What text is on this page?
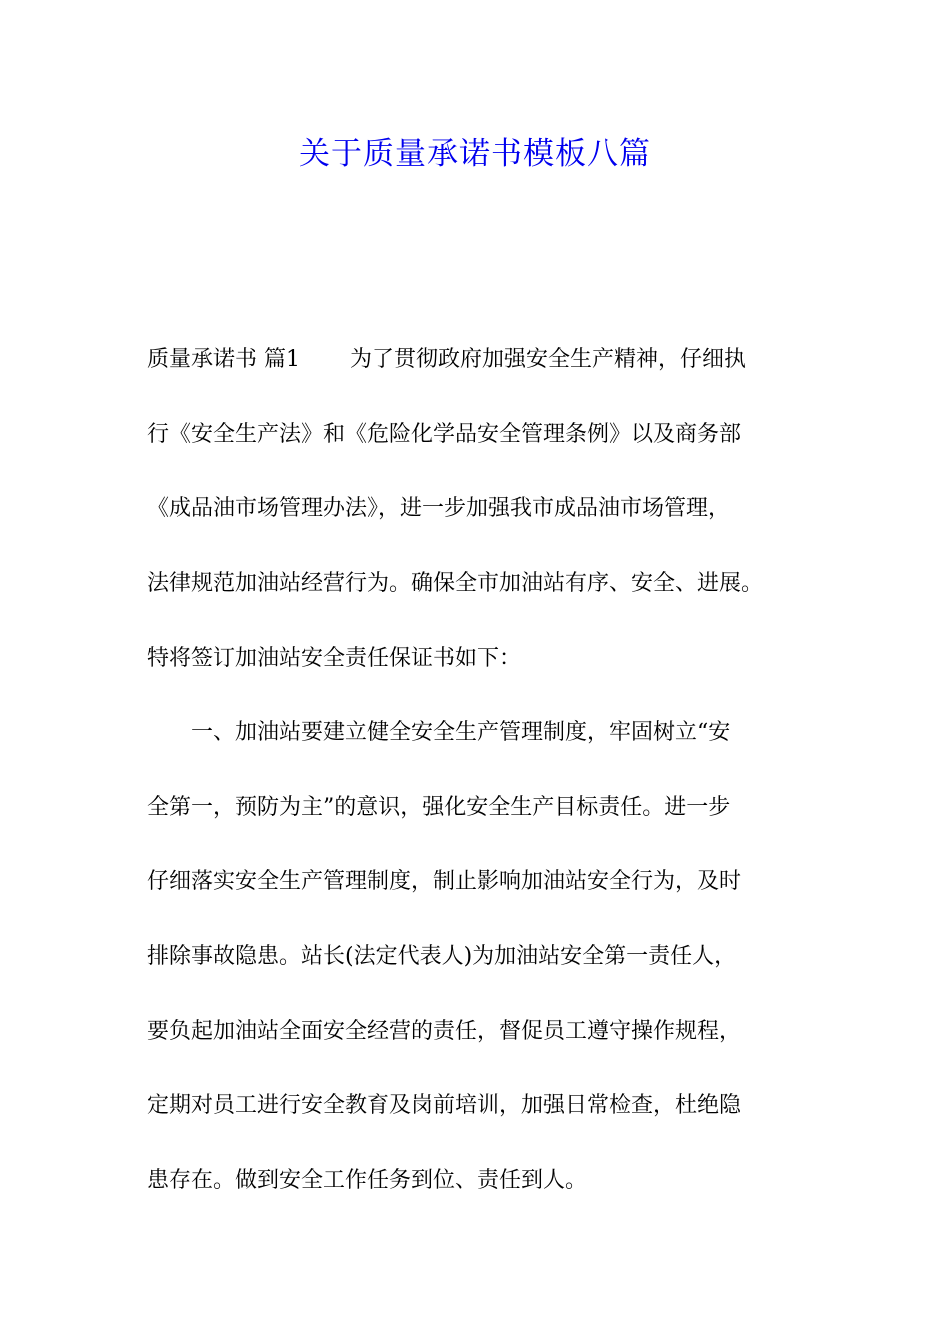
关于质量承诺书模板八篇
质量承诺书 篇1 为了贯彻政府加强安全生产精神，仔细执
行《安全生产法》和《危险化学品安全管理条例》以及商务部
《成品油市场管理办法》，进一步加强我市成品油市场管理，
法律规范加油站经营行为。确保全市加油站有序、安全、进展。
特将签订加油站安全责任保证书如下：
　　一、加油站要建立健全安全生产管理制度，牢固树立“安
全第一，预防为主”的意识，强化安全生产目标责任。进一步
仔细落实安全生产管理制度，制止影响加油站安全行为，及时
排除事故隐患。站长(法定代表人)为加油站安全第一责任人，
要负起加油站全面安全经营的责任，督促员工遵守操作规程，
定期对员工进行安全教育及岗前培训，加强日常检查，杜绝隐
患存在。做到安全工作任务到位、责任到人。
